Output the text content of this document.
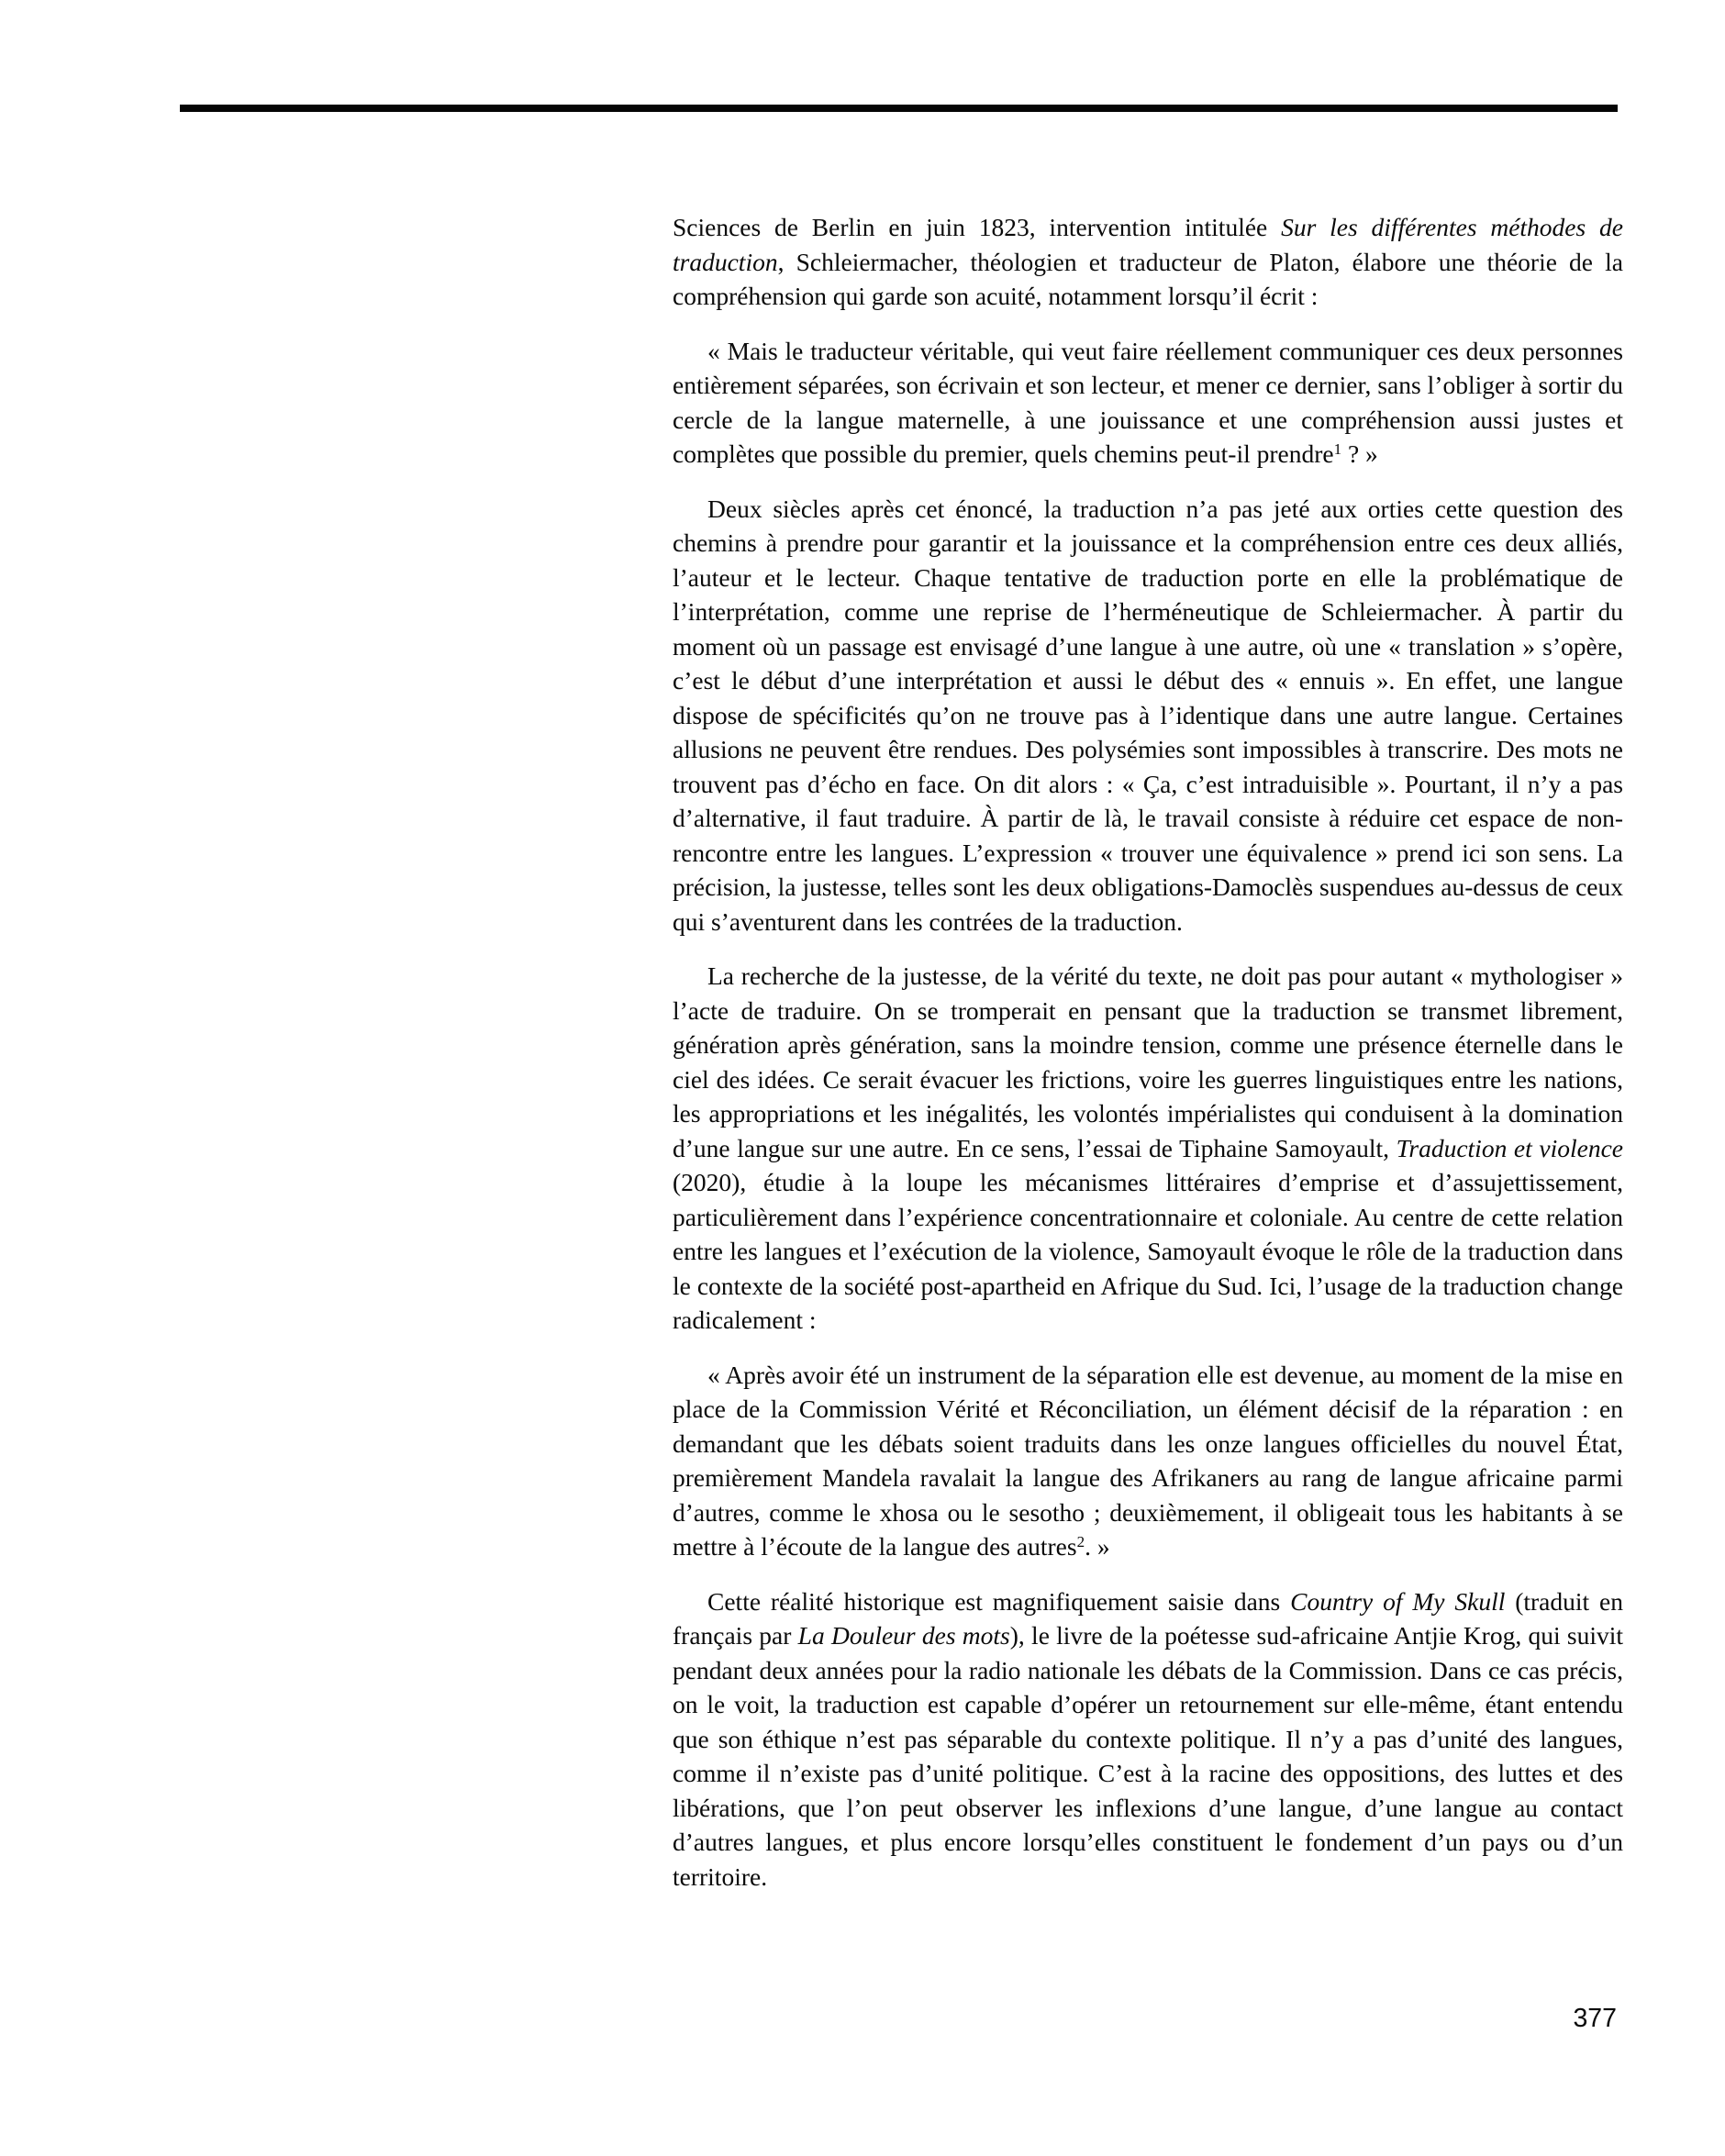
Sciences de Berlin en juin 1823, intervention intitulée Sur les différentes méthodes de traduction, Schleiermacher, théologien et traducteur de Platon, élabore une théorie de la compréhension qui garde son acuité, notamment lorsqu’il écrit :

« Mais le traducteur véritable, qui veut faire réellement communiquer ces deux personnes entièrement séparées, son écrivain et son lecteur, et mener ce dernier, sans l’obliger à sortir du cercle de la langue maternelle, à une jouissance et une compréhension aussi justes et complètes que possible du premier, quels chemins peut-il prendre$^1$ ? »

Deux siècles après cet énoncé, la traduction n’a pas jeté aux orties cette question des chemins à prendre pour garantir et la jouissance et la compréhension entre ces deux alliés, l’auteur et le lecteur. Chaque tentative de traduction porte en elle la problématique de l’interprétation, comme une reprise de l’herméneutique de Schleiermacher. À partir du moment où un passage est envisagé d’une langue à une autre, où une « translation » s’opère, c’est le début d’une interprétation et aussi le début des « ennuis ». En effet, une langue dispose de spécificités qu’on ne trouve pas à l’identique dans une autre langue. Certaines allusions ne peuvent être rendues. Des polysémies sont impossibles à transcrire. Des mots ne trouvent pas d’écho en face. On dit alors : « Ça, c’est intraduisible ». Pourtant, il n’y a pas d’alternative, il faut traduire. À partir de là, le travail consiste à réduire cet espace de non-rencontre entre les langues. L’expression « trouver une équivalence » prend ici son sens. La précision, la justesse, telles sont les deux obligations-Damoclès suspendues au-dessus de ceux qui s’aventurent dans les contrées de la traduction.

La recherche de la justesse, de la vérité du texte, ne doit pas pour autant « mythologiser » l’acte de traduire. On se tromperait en pensant que la traduction se transmet librement, génération après génération, sans la moindre tension, comme une présence éternelle dans le ciel des idées. Ce serait évacuer les frictions, voire les guerres linguistiques entre les nations, les appropriations et les inégalités, les volontés impérialistes qui conduisent à la domination d’une langue sur une autre. En ce sens, l’essai de Tiphaine Samoyault, Traduction et violence (2020), étudie à la loupe les mécanismes littéraires d’emprise et d’assujettissement, particulièrement dans l’expérience concentrationnaire et coloniale. Au centre de cette relation entre les langues et l’exécution de la violence, Samoyault évoque le rôle de la traduction dans le contexte de la société post-apartheid en Afrique du Sud. Ici, l’usage de la traduction change radicalement :

« Après avoir été un instrument de la séparation elle est devenue, au moment de la mise en place de la Commission Vérité et Réconciliation, un élément décisif de la réparation : en demandant que les débats soient traduits dans les onze langues officielles du nouvel État, premièrement Mandela ravalait la langue des Afrikaners au rang de langue africaine parmi d’autres, comme le xhosa ou le sesotho ; deuxièmement, il obligeait tous les habitants à se mettre à l’écoute de la langue des autres$^2$. »

Cette réalité historique est magnifiquement saisie dans Country of My Skull (traduit en français par La Douleur des mots), le livre de la poétesse sud-africaine Antjie Krog, qui suivit pendant deux années pour la radio nationale les débats de la Commission. Dans ce cas précis, on le voit, la traduction est capable d’opérer un retournement sur elle-même, étant entendu que son éthique n’est pas séparable du contexte politique. Il n’y a pas d’unité des langues, comme il n’existe pas d’unité politique. C’est à la racine des oppositions, des luttes et des libérations, que l’on peut observer les inflexions d’une langue, d’une langue au contact d’autres langues, et plus encore lorsqu’elles constituent le fondement d’un pays ou d’un territoire.

377
